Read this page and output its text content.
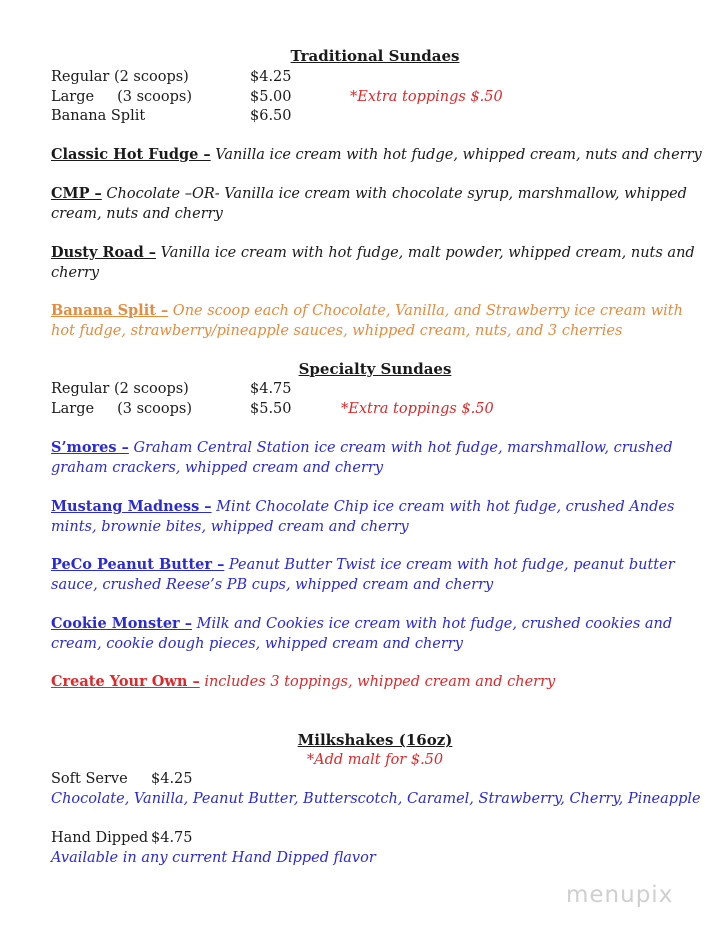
Traditional Sundaes
Regular (2 scoops)	$4.25
Large     (3 scoops)	$5.00	*Extra toppings $.50
Banana Split	$6.50
Classic Hot Fudge – Vanilla ice cream with hot fudge, whipped cream, nuts and cherry
CMP – Chocolate –OR- Vanilla ice cream with chocolate syrup, marshmallow, whipped cream, nuts and cherry
Dusty Road – Vanilla ice cream with hot fudge, malt powder, whipped cream, nuts and cherry
Banana Split – One scoop each of Chocolate, Vanilla, and Strawberry ice cream with hot fudge, strawberry/pineapple sauces, whipped cream, nuts, and 3 cherries
Specialty Sundaes
Regular (2 scoops)	$4.75
Large     (3 scoops)	$5.50	*Extra toppings $.50
S’mores – Graham Central Station ice cream with hot fudge, marshmallow, crushed graham crackers, whipped cream and cherry
Mustang Madness – Mint Chocolate Chip ice cream with hot fudge, crushed Andes mints, brownie bites, whipped cream and cherry
PeCo Peanut Butter – Peanut Butter Twist ice cream with hot fudge, peanut butter sauce, crushed Reese’s PB cups, whipped cream and cherry
Cookie Monster – Milk and Cookies ice cream with hot fudge, crushed cookies and cream, cookie dough pieces, whipped cream and cherry
Create Your Own – includes 3 toppings, whipped cream and cherry
Milkshakes (16oz)
*Add malt for $.50
Soft Serve $4.25
Chocolate, Vanilla, Peanut Butter, Butterscotch, Caramel, Strawberry, Cherry, Pineapple
Hand Dipped $4.75
Available in any current Hand Dipped flavor
menupix
